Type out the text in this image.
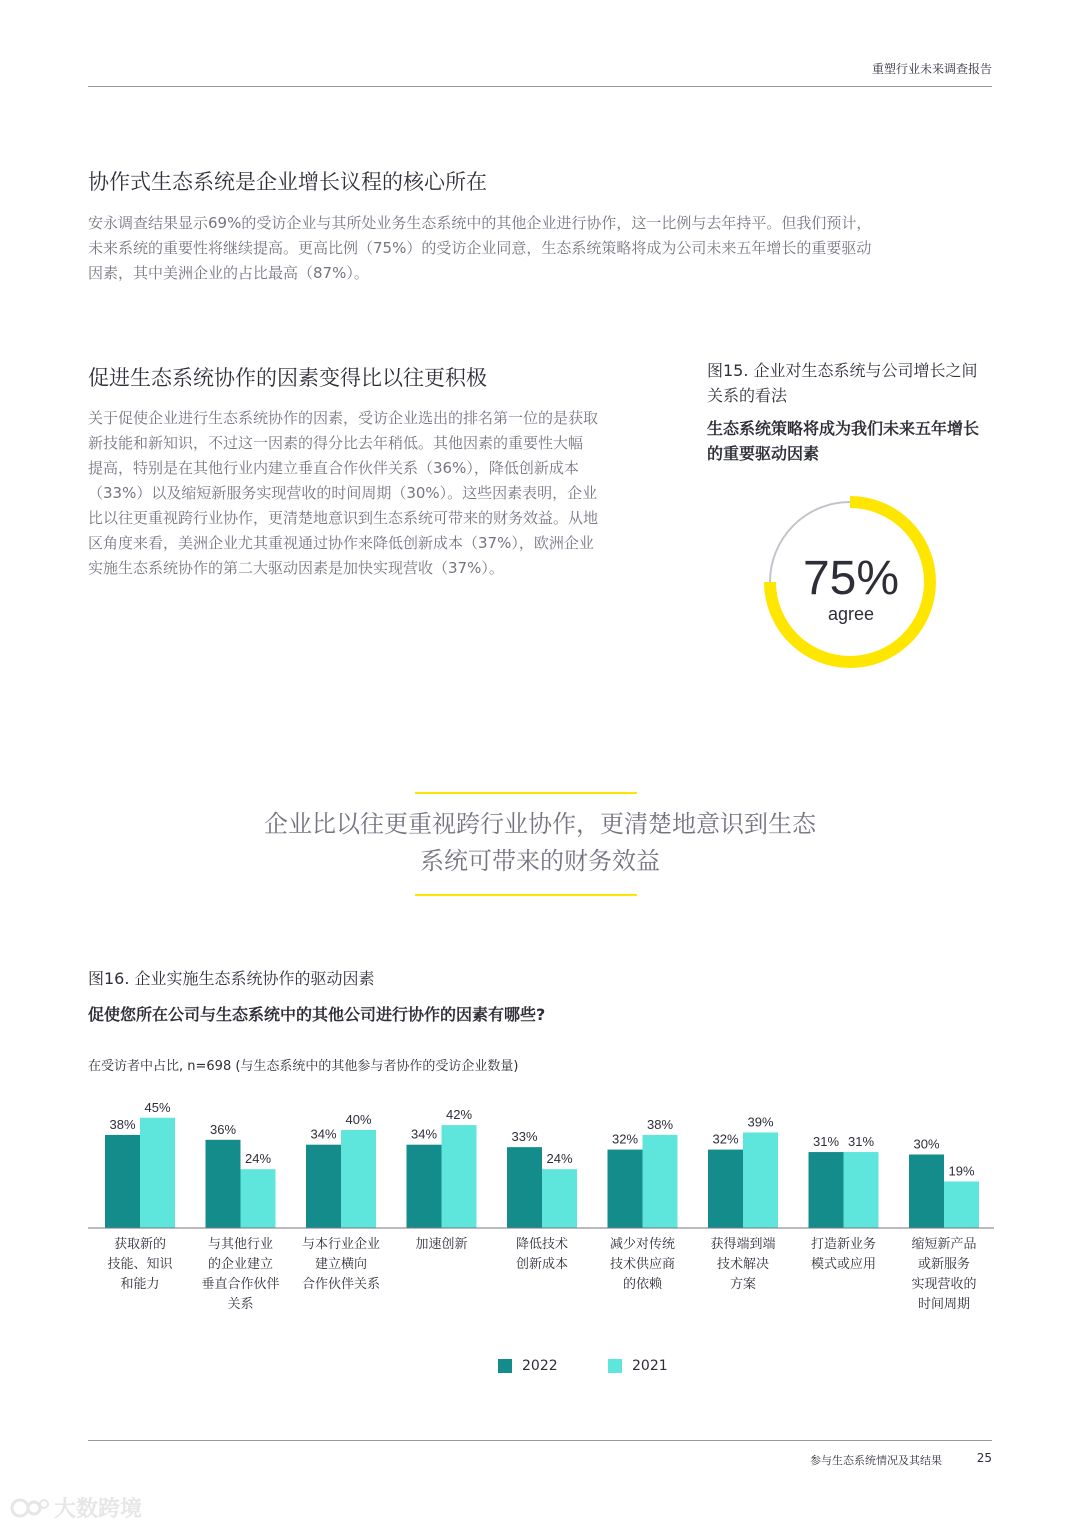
重塑行业未来调查报告
协作式生态系统是企业增长议程的核心所在
安永调查结果显示69%的受访企业与其所处业务生态系统中的其他企业进行协作，这一比例与去年持平。但我们预计，
未来系统的重要性将继续提高。更高比例（75%）的受访企业同意，生态系统策略将成为公司未来五年增长的重要驱动
因素，其中美洲企业的占比最高（87%）。
促进生态系统协作的因素变得比以往更积极
关于促使企业进行生态系统协作的因素，受访企业选出的排名第一位的是获取
新技能和新知识，不过这一因素的得分比去年稍低。其他因素的重要性大幅
提高，特别是在其他行业内建立垂直合作伙伴关系（36%），降低创新成本
（33%）以及缩短新服务实现营收的时间周期（30%）。这些因素表明，企业
比以往更重视跨行业协作，更清楚地意识到生态系统可带来的财务效益。从地
区角度来看，美洲企业尤其重视通过协作来降低创新成本（37%），欧洲企业
实施生态系统协作的第二大驱动因素是加快实现营收（37%）。
图15. 企业对生态系统与公司增长之间
关系的看法
生态系统策略将成为我们未来五年增长
的重要驱动因素
75%
agree
企业比以往更重视跨行业协作，更清楚地意识到生态
系统可带来的财务效益
图16. 企业实施生态系统协作的驱动因素
促使您所在公司与生态系统中的其他公司进行协作的因素有哪些?
在受访者中占比, n=698 (与生态系统中的其他参与者协作的受访企业数量)
38%
45%
获取新的
技能、知识
和能力
36%
24%
与其他行业
的企业建立
垂直合作伙伴
关系
34%
40%
与本行业企业
建立横向
合作伙伴关系
34%
42%
加速创新
33%
24%
降低技术
创新成本
32%
38%
减少对传统
技术供应商
的依赖
32%
39%
获得端到端
技术解决
方案
31% 31%
打造新业务
模式或应用
30%
19%
缩短新产品
或新服务
实现营收的
时间周期
2022	2021
参与生态系统情况及其结果	25
大数跨境
